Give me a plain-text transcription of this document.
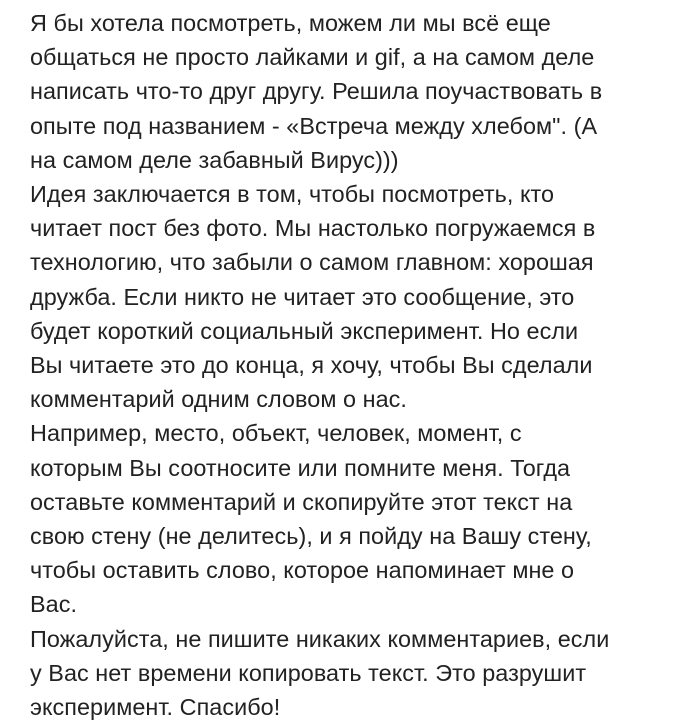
Я бы хотела посмотреть, можем ли мы всё еще
общаться не просто лайками и gif, а на самом деле
написать что-то друг другу. Решила поучаствовать в
опыте под названием - «Встреча между хлебом". (А
на самом деле забавный Вирус)))
Идея заключается в том, чтобы посмотреть, кто
читает пост без фото. Мы настолько погружаемся в
технологию, что забыли о самом главном: хорошая
дружба. Если никто не читает это сообщение, это
будет короткий социальный эксперимент. Но если
Вы читаете это до конца, я хочу, чтобы Вы сделали
комментарий одним словом о нас.
Например, место, объект, человек, момент, с
которым Вы соотносите или помните меня. Тогда
оставьте комментарий и скопируйте этот текст на
свою стену (не делитесь), и я пойду на Вашу стену,
чтобы оставить слово, которое напоминает мне о
Вас.
Пожалуйста, не пишите никаких комментариев, если
у Вас нет времени копировать текст. Это разрушит
эксперимент. Спасибо!
